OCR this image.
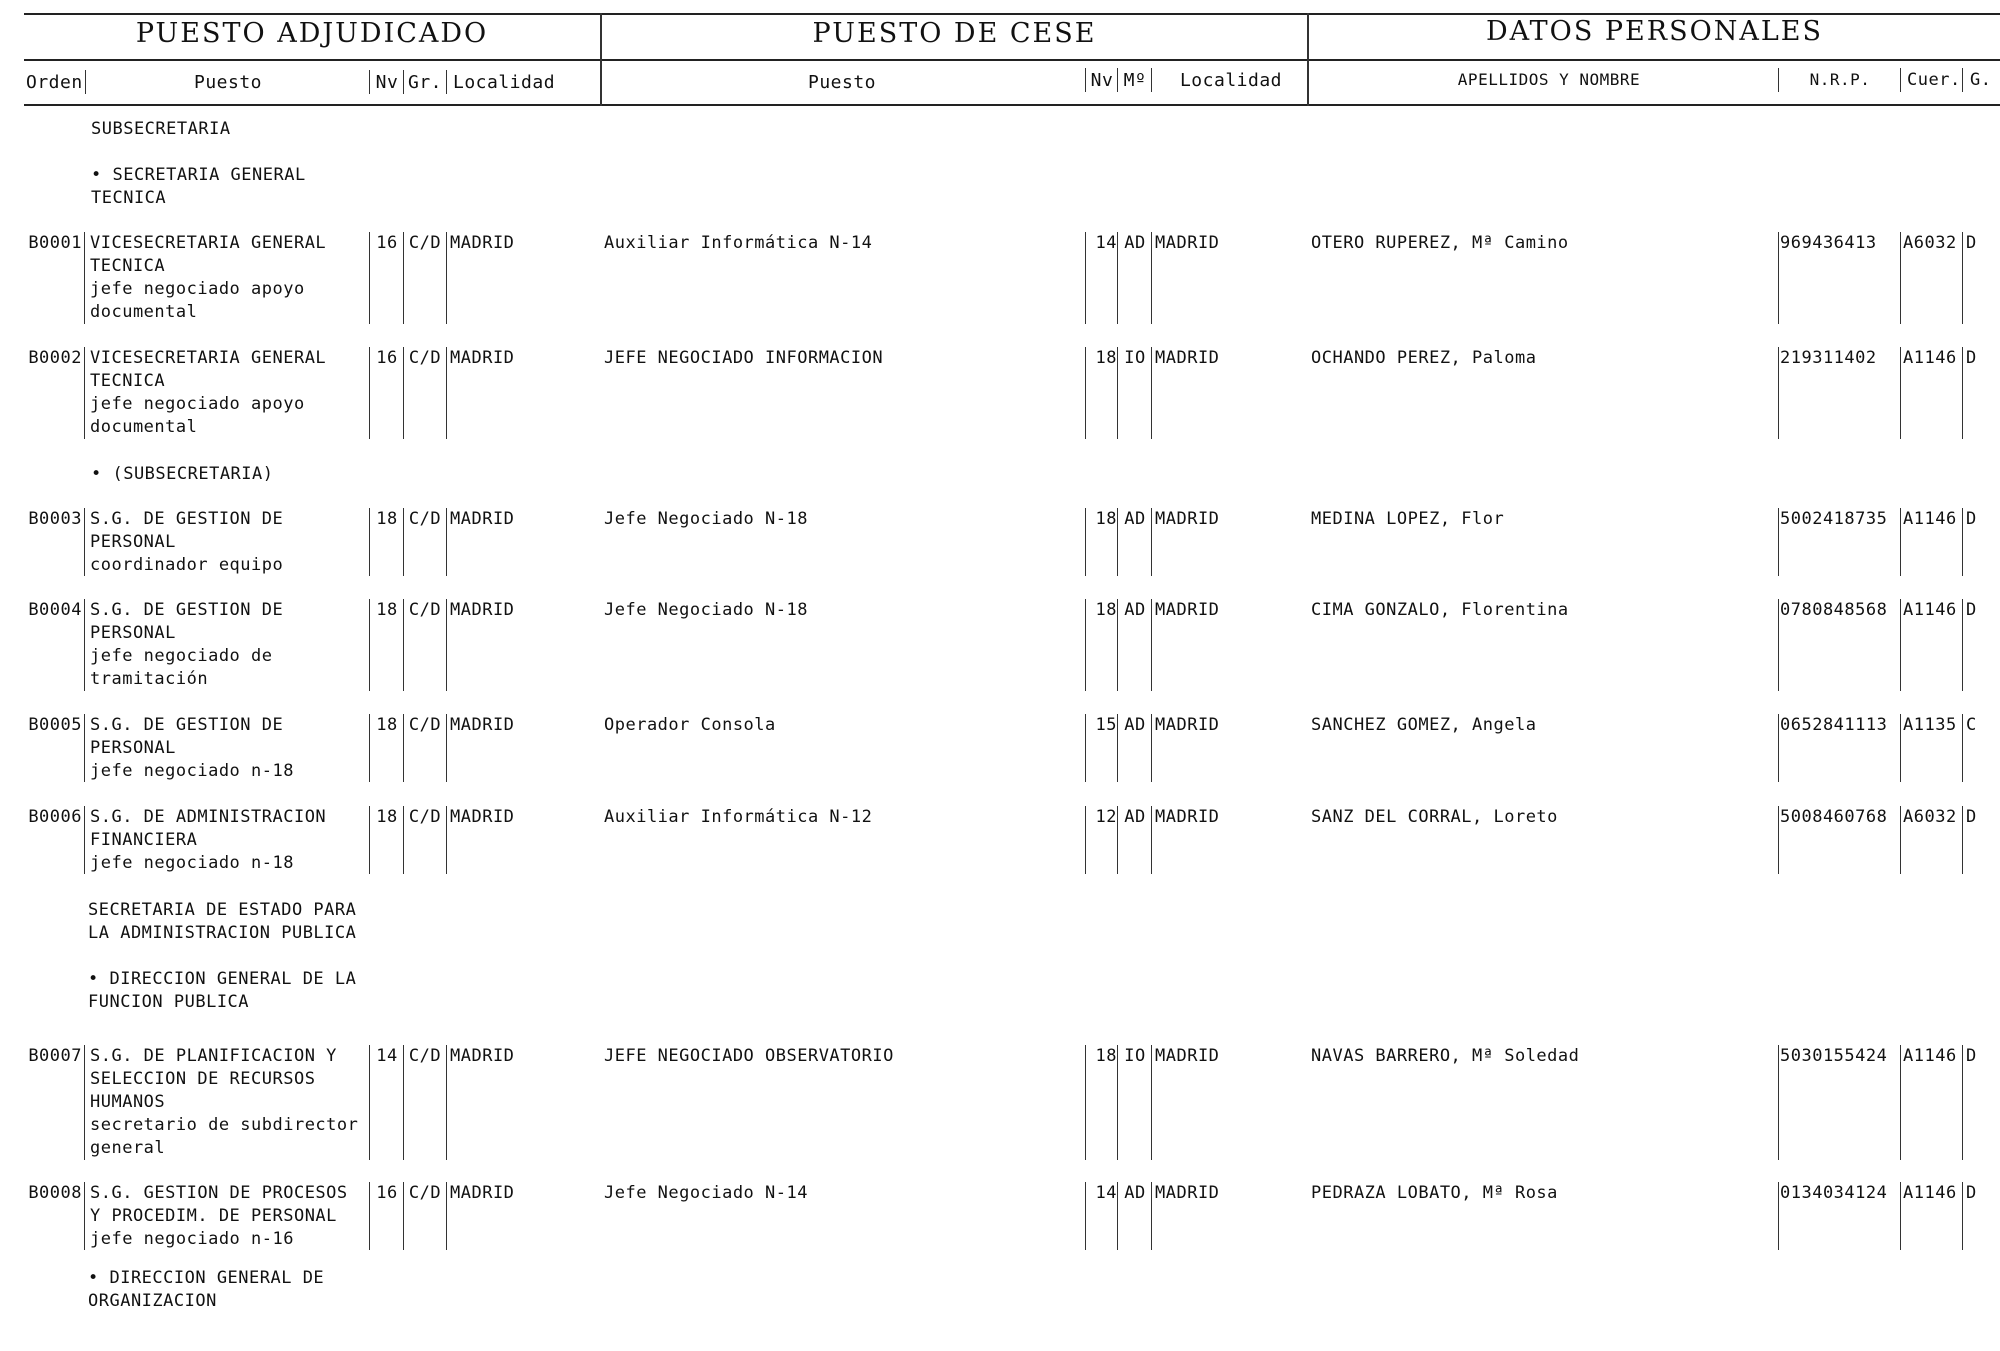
PUESTO ADJUDICADO	PUESTO DE CESE	DATOS PERSONALES
Orden	Puesto	Nv Gr. Localidad	Puesto	Nv Mº	Localidad	APELLIDOS Y NOMBRE	N.R.P.	Cuer. G.
SUBSECRETARIA
• SECRETARIA GENERAL
TECNICA
• (SUBSECRETARIA)
SECRETARIA DE ESTADO PARA
LA ADMINISTRACION PUBLICA
• DIRECCION GENERAL DE LA
FUNCION PUBLICA
• DIRECCION GENERAL DE
ORGANIZACION
B0001 VICESECRETARIA GENERAL
TECNICA
jefe negociado apoyo
documental
16 C/D MADRID	Auxiliar Informática N-14	14 AD MADRID	OTERO RUPEREZ, Mª Camino	969436413	A6032 D
B0002 VICESECRETARIA GENERAL
TECNICA
jefe negociado apoyo
documental
16 C/D MADRID	JEFE NEGOCIADO INFORMACION	18 IO MADRID	OCHANDO PEREZ, Paloma	219311402	A1146 D
B0003 S.G. DE GESTION DE
PERSONAL
coordinador equipo
18 C/D MADRID	Jefe Negociado N-18	18 AD MADRID	MEDINA LOPEZ, Flor	5002418735 A1146 D
B0004 S.G. DE GESTION DE
PERSONAL
jefe negociado de
tramitación
18 C/D MADRID	Jefe Negociado N-18	18 AD MADRID	CIMA GONZALO, Florentina	0780848568 A1146 D
B0005 S.G. DE GESTION DE
PERSONAL
jefe negociado n-18
18 C/D MADRID	Operador Consola	15 AD MADRID	SANCHEZ GOMEZ, Angela	0652841113 A1135 C
B0006 S.G. DE ADMINISTRACION
FINANCIERA
jefe negociado n-18
18 C/D MADRID	Auxiliar Informática N-12	12 AD MADRID	SANZ DEL CORRAL, Loreto	5008460768 A6032 D
B0007 S.G. DE PLANIFICACION Y
SELECCION DE RECURSOS
HUMANOS
secretario de subdirector
general
14 C/D MADRID	JEFE NEGOCIADO OBSERVATORIO	18 IO MADRID	NAVAS BARRERO, Mª Soledad	5030155424 A1146 D
B0008 S.G. GESTION DE PROCESOS
Y PROCEDIM. DE PERSONAL
jefe negociado n-16
16 C/D MADRID	Jefe Negociado N-14	14 AD MADRID	PEDRAZA LOBATO, Mª Rosa	0134034124 A1146 D
